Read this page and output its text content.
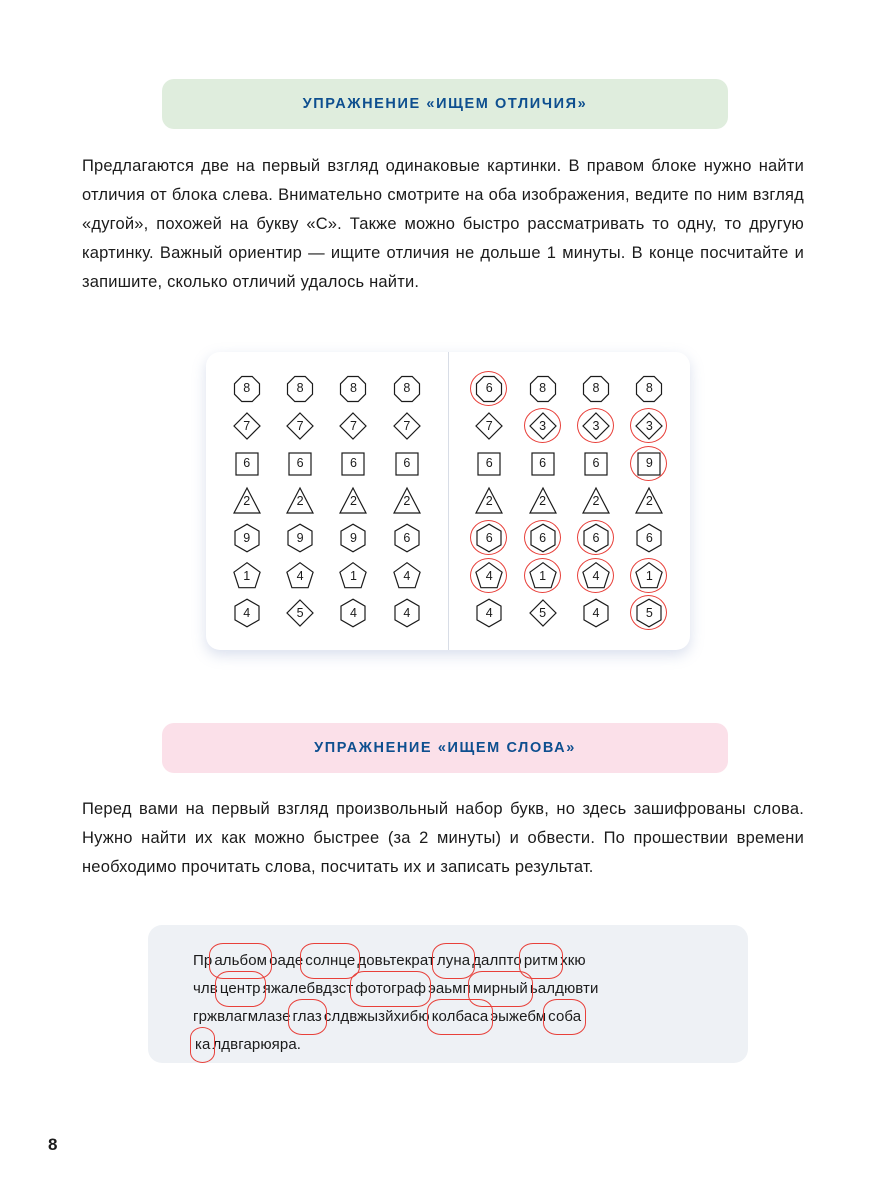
УПРАЖНЕНИЕ «ИЩЕМ ОТЛИЧИЯ»
Предлагаются две на первый взгляд одинаковые картинки. В правом блоке нужно найти отличия от блока слева. Внимательно смотрите на оба изображения, ведите по ним взгляд «дугой», похожей на букву «С». Также можно быстро рассматривать то одну, то другую картинку. Важный ориентир — ищите отличия не дольше 1 минуты. В конце посчитайте и запишите, сколько отличий удалось найти.
8	8	8	8
7	7	7	7
6	6	6	6
2	2	2	2
9	9	9	6
1	4	1	4
4	5	4	4
6	8	8	8
7	3	3	3
6	6	6	9
2	2	2	2
6	6	6	6
4	1	4	1
4	5	4	5
УПРАЖНЕНИЕ «ИЩЕМ СЛОВА»
Перед вами на первый взгляд произвольный набор букв, но здесь зашифрованы слова. Нужно найти их как можно быстрее (за 2 минуты) и обвести. По прошествии времени необходимо прочитать слова, посчитать их и записать результат.
Пр альбом оаде солнце довьтекрат луна далпто ритм хкю
члв центр яжалебвдзст фотограф эаьмп мирный ьалдювти
гржвлагмлазе глаз слдвжызйхибю колбаса эыжебм соба
ка лдвгарюяра.
8
